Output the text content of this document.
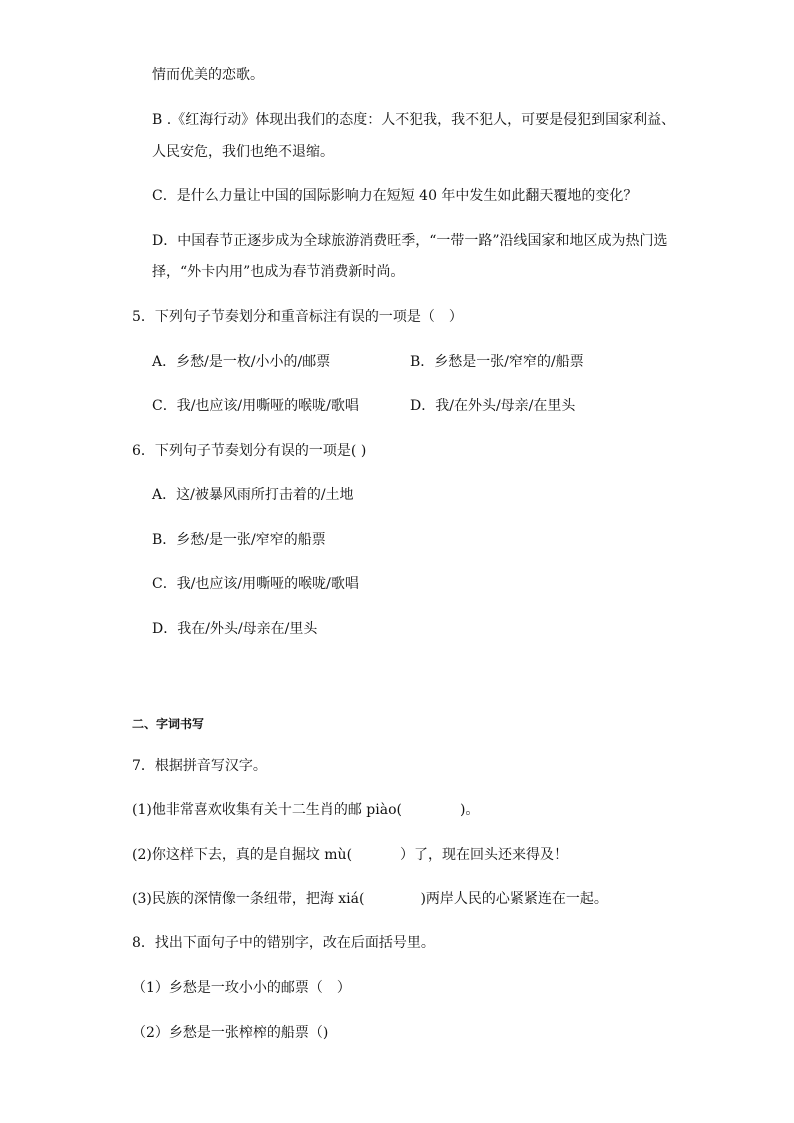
情而优美的恋歌。
B .《红海行动》体现出我们的态度：人不犯我，我不犯人，可要是侵犯到国家利益、
人民安危，我们也绝不退缩。
C．是什么力量让中国的国际影响力在短短 40 年中发生如此翻天覆地的变化？
D．中国春节正逐步成为全球旅游消费旺季，“一带一路”沿线国家和地区成为热门选
择，“外卡内用”也成为春节消费新时尚。
5．下列句子节奏划分和重音标注有误的一项是（　）
A．乡愁/是一枚/小小的/邮票	B．乡愁是一张/窄窄的/船票
C．我/也应该/用嘶哑的喉咙/歌唱	D．我/在外头/母亲/在里头
6．下列句子节奏划分有误的一项是( )
A．这/被暴风雨所打击着的/土地
B．乡愁/是一张/窄窄的船票
C．我/也应该/用嘶哑的喉咙/歌唱
D．我在/外头/母亲在/里头
二、字词书写
7．根据拼音写汉字。
(1)他非常喜欢收集有关十二生肖的邮 piào(	)。
(2)你这样下去，真的是自掘坟 mù(	）了，现在回头还来得及！
(3)民族的深情像一条纽带，把海 xiá(	)两岸人民的心紧紧连在一起。
8．找出下面句子中的错别字，改在后面括号里。
（1）乡愁是一玫小小的邮票（　）
（2）乡愁是一张榨榨的船票（)
